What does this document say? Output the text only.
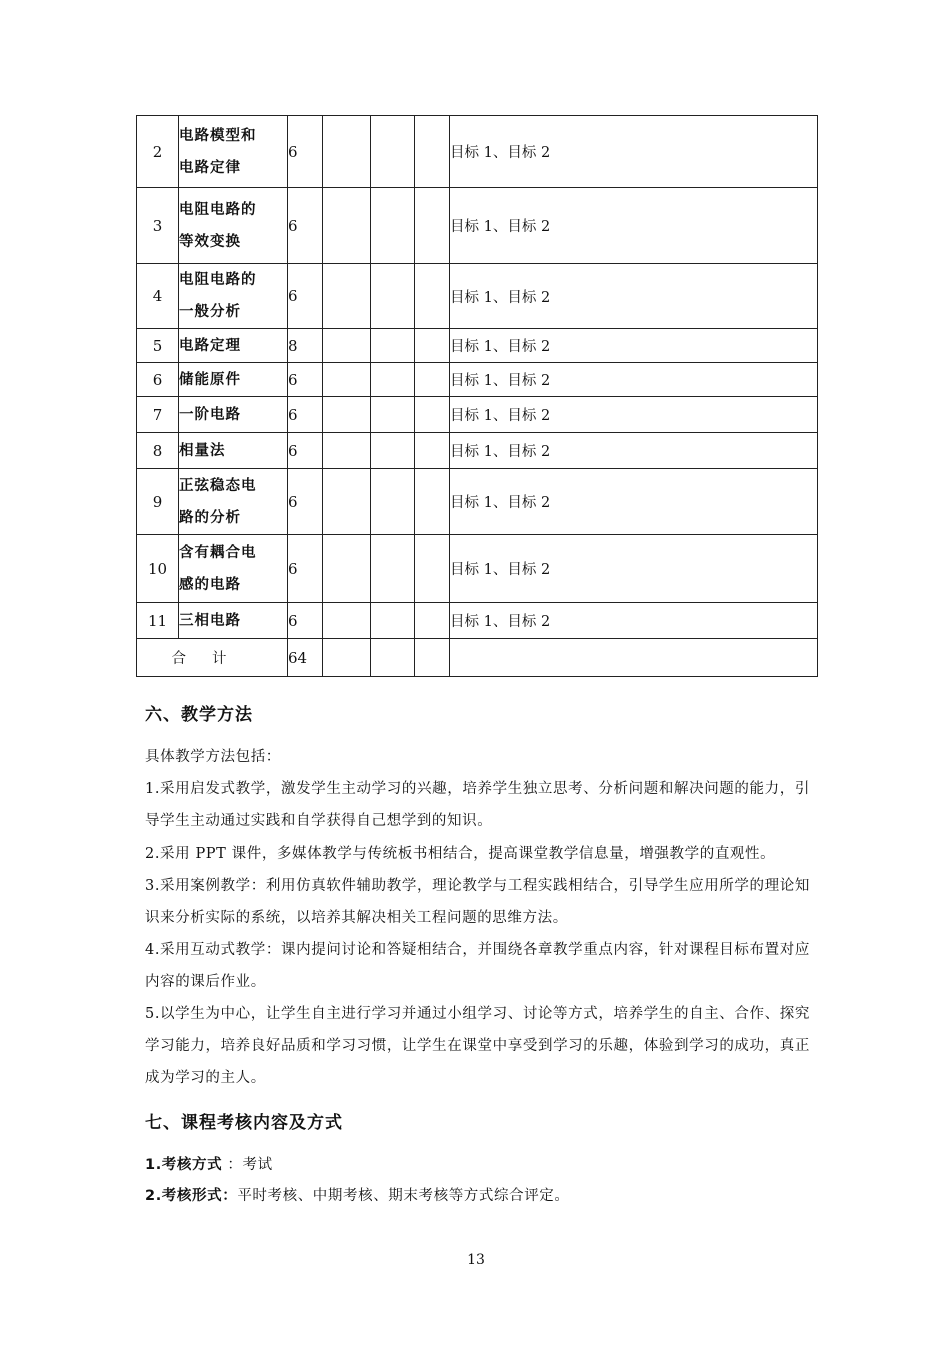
2	电路模型和
电路定律	6				目标 1、目标 2
3	电阻电路的
等效变换	6				目标 1、目标 2
4	电阻电路的
一般分析	6				目标 1、目标 2
5	电路定理	8				目标 1、目标 2
6	储能原件	6				目标 1、目标 2
7	一阶电路	6				目标 1、目标 2
8	相量法	6				目标 1、目标 2
9	正弦稳态电
路的分析	6				目标 1、目标 2
10	含有耦合电
感的电路	6				目标 1、目标 2
11	三相电路	6				目标 1、目标 2
合计		64				
六、教学方法
具体教学方法包括：
1.采用启发式教学，激发学生主动学习的兴趣，培养学生独立思考、分析问题和解决问题的能力，引导学生主动通过实践和自学获得自己想学到的知识。
2.采用 PPT 课件，多媒体教学与传统板书相结合，提高课堂教学信息量，增强教学的直观性。
3.采用案例教学：利用仿真软件辅助教学，理论教学与工程实践相结合，引导学生应用所学的理论知识来分析实际的系统，以培养其解决相关工程问题的思维方法。
4.采用互动式教学：课内提问讨论和答疑相结合，并围绕各章教学重点内容，针对课程目标布置对应内容的课后作业。
5.以学生为中心，让学生自主进行学习并通过小组学习、讨论等方式，培养学生的自主、合作、探究学习能力，培养良好品质和学习习惯，让学生在课堂中享受到学习的乐趣，体验到学习的成功，真正成为学习的主人。
七、课程考核内容及方式
1.考核方式 ：考试
2.考核形式：平时考核、中期考核、期末考核等方式综合评定。
13
